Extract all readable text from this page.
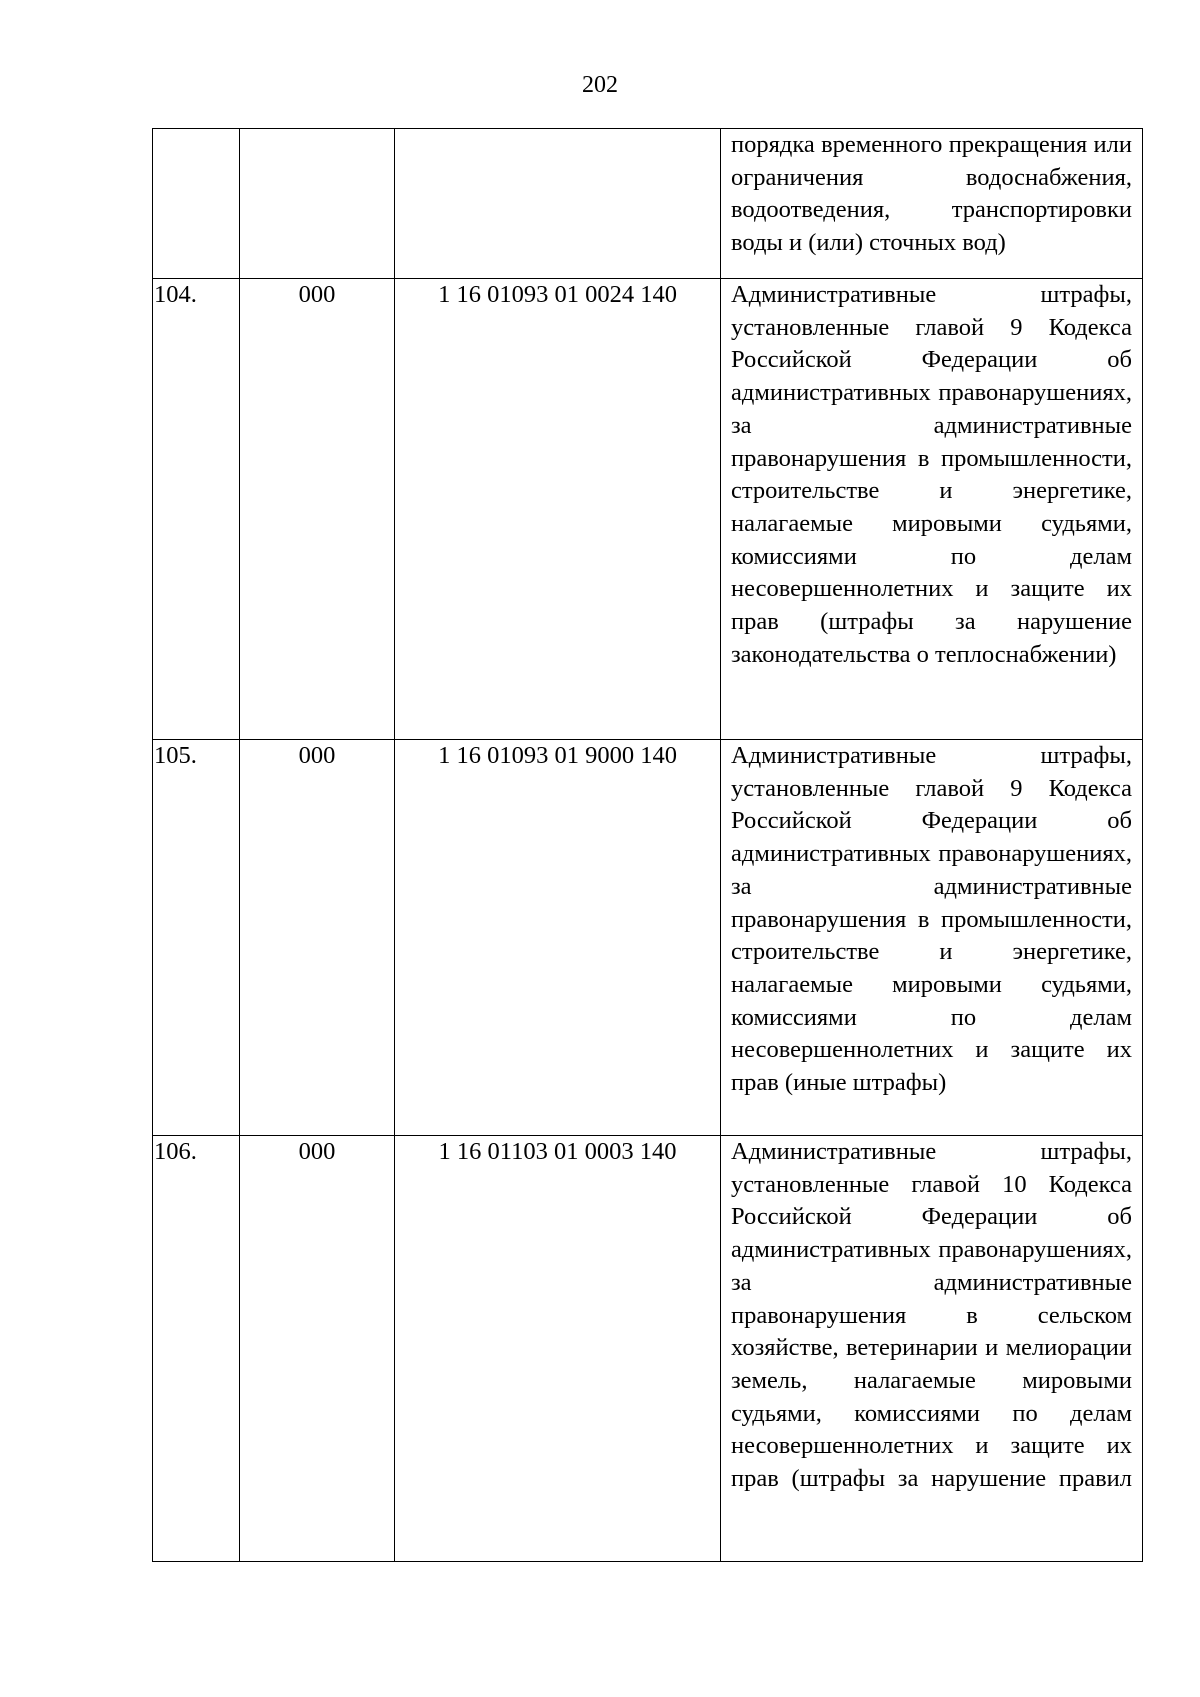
202

			порядка временного прекращения или ограничения водоснабжения, водоотведения, транспортировки воды и (или) сточных вод)

104.	000	1 16 01093 01 0024 140	Административные штрафы, установленные главой 9 Кодекса Российской Федерации об административных правонарушениях, за административные правонарушения в промышленности, строительстве и энергетике, налагаемые мировыми судьями, комиссиями по делам несовершеннолетних и защите их прав (штрафы за нарушение законодательства о теплоснабжении)

105.	000	1 16 01093 01 9000 140	Административные штрафы, установленные главой 9 Кодекса Российской Федерации об административных правонарушениях, за административные правонарушения в промышленности, строительстве и энергетике, налагаемые мировыми судьями, комиссиями по делам несовершеннолетних и защите их прав (иные штрафы)

106.	000	1 16 01103 01 0003 140	Административные штрафы, установленные главой 10 Кодекса Российской Федерации об административных правонарушениях, за административные правонарушения в сельском хозяйстве, ветеринарии и мелиорации земель, налагаемые мировыми судьями, комиссиями по делам несовершеннолетних и защите их прав (штрафы за нарушение правил
